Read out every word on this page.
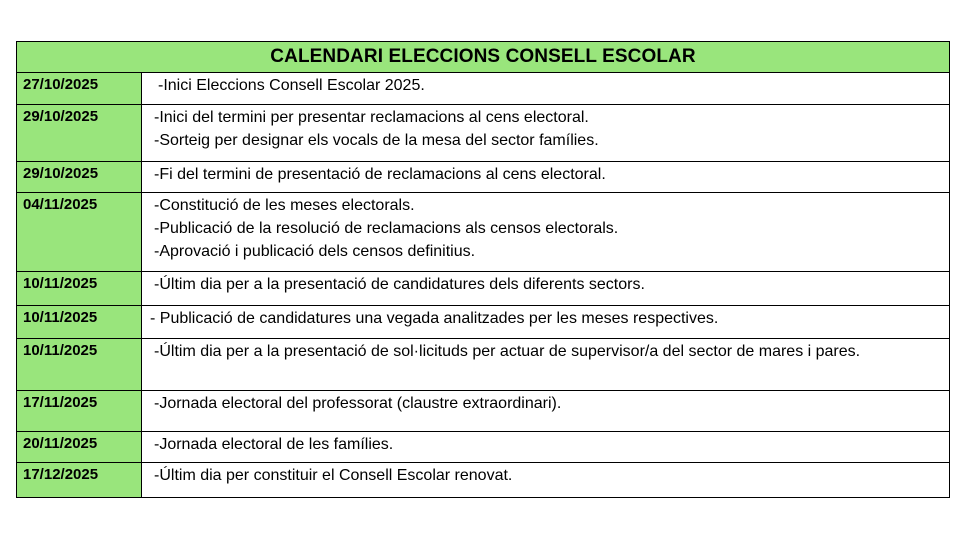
CALENDARI ELECCIONS CONSELL ESCOLAR	
27/10/2025	-Inici Eleccions Consell Escolar 2025.

29/10/2025	-Inici del termini per presentar reclamacions al cens electoral.
-Sorteig per designar els vocals de la mesa del sector famílies.

29/10/2025	-Fi del termini de presentació de reclamacions al cens electoral.

04/11/2025	-Constitució de les meses electorals.
-Publicació de la resolució de reclamacions als censos electorals.
-Aprovació i publicació dels censos definitius.

10/11/2025	-Últim dia per a la presentació de candidatures dels diferents sectors.

10/11/2025	- Publicació de candidatures una vegada analitzades per les meses respectives.

10/11/2025	-Últim dia per a la presentació de sol·licituds per actuar de supervisor/a del sector de mares i pares.

17/11/2025	-Jornada electoral del professorat (claustre extraordinari).

20/11/2025	-Jornada electoral de les famílies.

17/12/2025	-Últim dia per constituir el Consell Escolar renovat.
